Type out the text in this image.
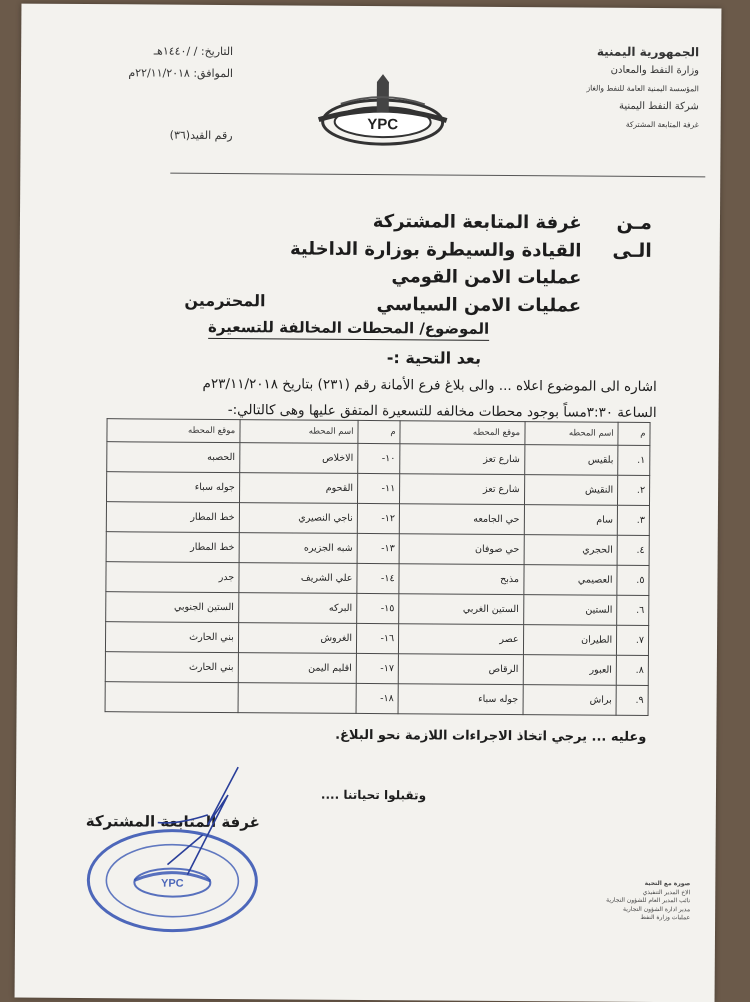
الجمهورية اليمنية
وزارة النفط والمعادن
المؤسسة اليمنية العامة للنفط والغاز
شركة النفط اليمنية
غرفة المتابعة المشتركة
YPC
التاريخ: / /١٤٤٠هـ
الموافق: ٢٢/١١/٢٠١٨م
رقم القيد(٣٦)
مـن غرفة المتابعة المشتركة
الـى القيادة والسيطرة بوزارة الداخلية
عمليات الامن القومي
عمليات الامن السياسي
المحترمين
الموضوع/ المحطات المخالفة للتسعيرة
بعد التحية :-
اشاره الى الموضوع اعلاه ... والى بلاغ فرع الأمانة رقم (٢٣١) بتاريخ ٢٣/١١/٢٠١٨م
الساعة ٣:٣٠مساً بوجود محطات مخالفه للتسعيرة المتفق عليها وهى كالتالي:-
م	اسم المحطه	موقع المحطه	م	اسم المحطه	موقع المحطه
١.	بلقيس	شارع تعز	١٠-	الاخلاص	الحصبه
٢.	النقيش	شارع تعز	١١-	القحوم	جوله سباء
٣.	سام	حي الجامعه	١٢-	ناجي النصيري	خط المطار
٤.	الحجري	حي صوفان	١٣-	شبه الجزيره	خط المطار
٥.	العصيمي	مذبح	١٤-	علي الشريف	جدر
٦.	الستين	الستين الغربي	١٥-	البركه	الستين الجنوبي
٧.	الطيران	عصر	١٦-	الغروش	بني الحارث
٨.	العبور	الرقاص	١٧-	اقليم اليمن	بني الحارث
٩.	براش	جوله سباء	١٨-		
وعليه ... يرجي اتخاذ الاجراءات اللازمة نحو البلاغ.
وتقبلوا تحياتنا ....
YPC
غرفة المتابعة المشتركة
صورة مع التحية
الاخ المدير التنفيذي
نائب المدير العام للشؤون التجارية
مدير ادارة الشؤون التجارية
عمليات وزارة النفط
